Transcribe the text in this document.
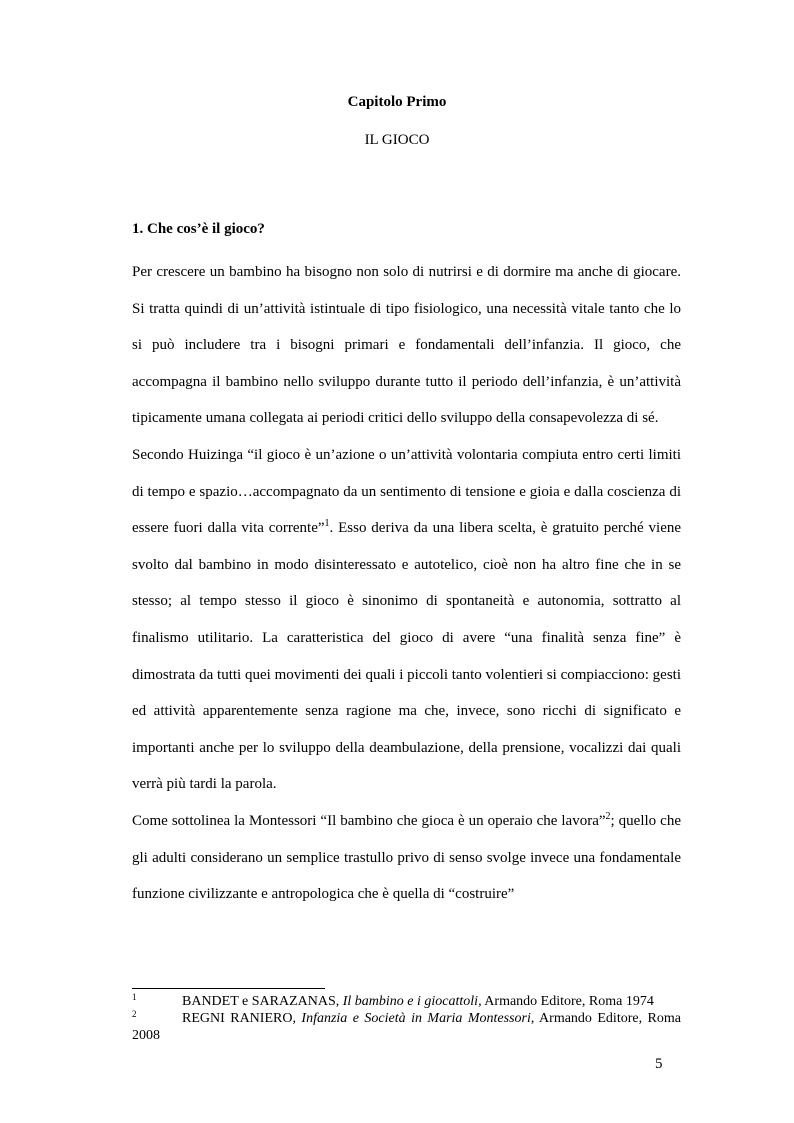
Capitolo Primo
IL GIOCO
1. Che cos’è il gioco?

Per crescere un bambino ha bisogno non solo di nutrirsi e di dormire ma anche di giocare. Si tratta quindi di un’attività istintuale di tipo fisiologico, una necessità vitale tanto che lo si può includere tra i bisogni primari e fondamentali dell’infanzia. Il gioco, che accompagna il bambino nello sviluppo durante tutto il periodo dell’infanzia, è un’attività tipicamente umana collegata ai periodi critici dello sviluppo della consapevolezza di sé.

Secondo Huizinga “il gioco è un’azione o un’attività volontaria compiuta entro certi limiti di tempo e spazio…accompagnato da un sentimento di tensione e gioia e dalla coscienza di essere fuori dalla vita corrente”$^1$. Esso deriva da una libera scelta, è gratuito perché viene svolto dal bambino in modo disinteressato e autotelico, cioè non ha altro fine che in se stesso; al tempo stesso il gioco è sinonimo di spontaneità e autonomia, sottratto al finalismo utilitario. La caratteristica del gioco di avere “una finalità senza fine” è dimostrata da tutti quei movimenti dei quali i piccoli tanto volentieri si compiacciono: gesti ed attività apparentemente senza ragione ma che, invece, sono ricchi di significato e importanti anche per lo sviluppo della deambulazione, della prensione, vocalizzi dai quali verrà più tardi la parola.

Come sottolinea la Montessori “Il bambino che gioca è un operaio che lavora”$^2$; quello che gli adulti considerano un semplice trastullo privo di senso svolge invece una fondamentale funzione civilizzante e antropologica che è quella di “costruire”

1	BANDET e SARAZANAS, Il bambino e i giocattoli, Armando Editore, Roma 1974
2	REGNI RANIERO, Infanzia e Società in Maria Montessori, Armando Editore, Roma 2008
5
